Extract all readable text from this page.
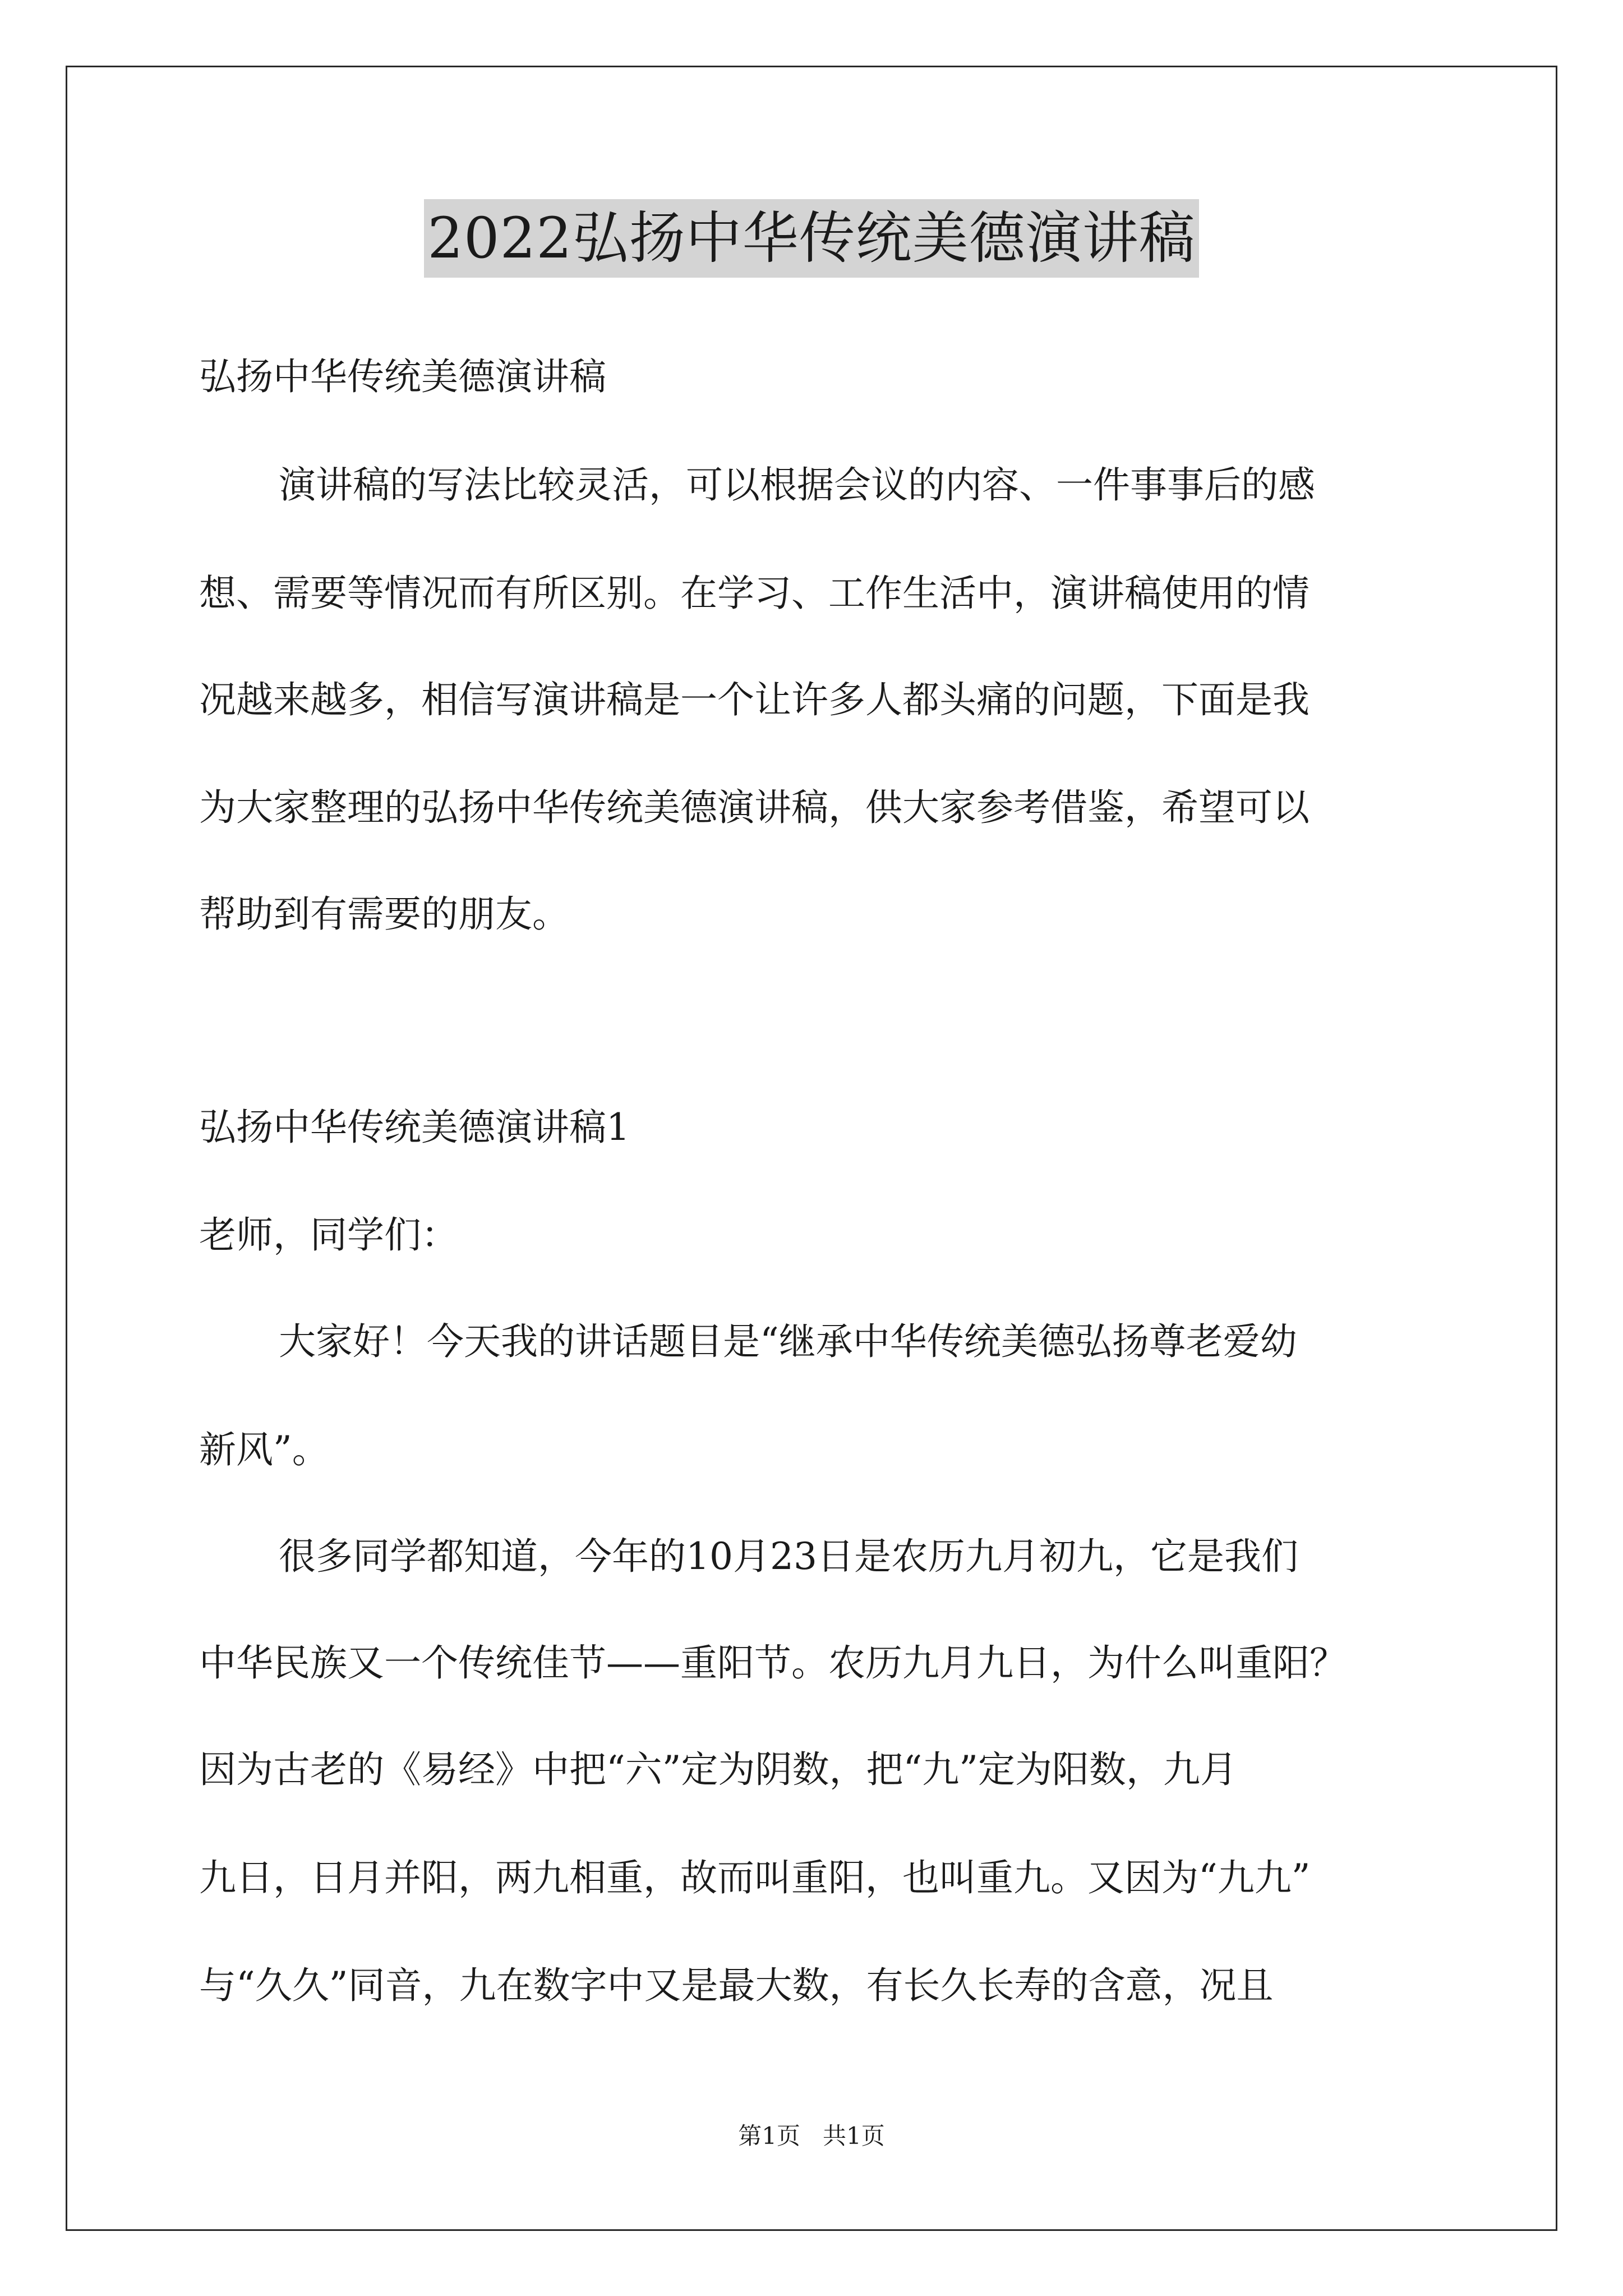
2022弘扬中华传统美德演讲稿
弘扬中华传统美德演讲稿
演讲稿的写法比较灵活，可以根据会议的内容、一件事事后的感
想、需要等情况而有所区别。在学习、工作生活中，演讲稿使用的情
况越来越多，相信写演讲稿是一个让许多人都头痛的问题，下面是我
为大家整理的弘扬中华传统美德演讲稿，供大家参考借鉴，希望可以
帮助到有需要的朋友。
弘扬中华传统美德演讲稿1
老师，同学们：
大家好！今天我的讲话题目是“继承中华传统美德弘扬尊老爱幼
新风”。
很多同学都知道，今年的10月23日是农历九月初九，它是我们
中华民族又一个传统佳节——重阳节。农历九月九日，为什么叫重阳？
因为古老的《易经》中把“六”定为阴数，把“九”定为阳数，九月
九日，日月并阳，两九相重，故而叫重阳，也叫重九。又因为“九九”
与“久久”同音，九在数字中又是最大数，有长久长寿的含意，况且
第1页 共1页
